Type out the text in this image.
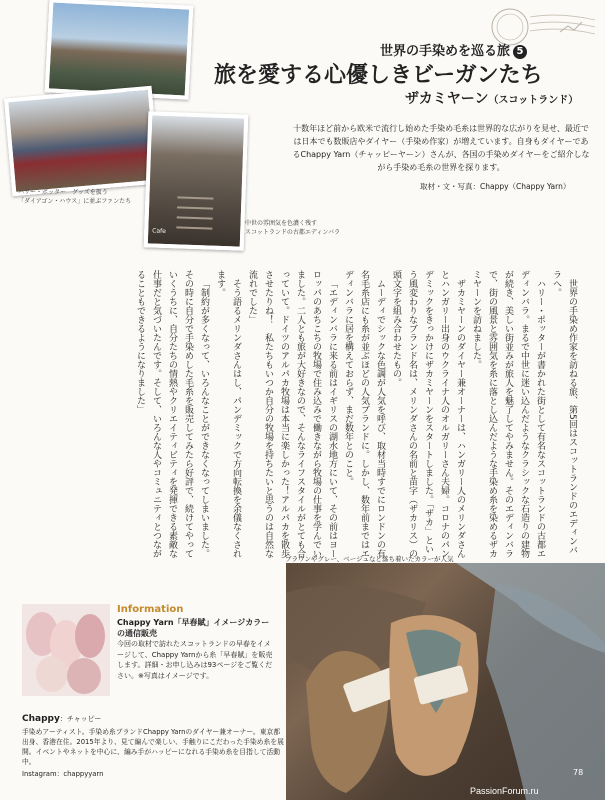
Cafe
世界の手染めを巡る旅 5
旅を愛する心優しきビーガンたち
ザカミヤーン（スコットランド）
十数年ほど前から欧米で流行し始めた手染め毛糸は世界的な広がりを見せ、最近では日本でも数販店やダイヤー（手染め作家）が増えています。自身もダイヤーであるChappy Yarn（チャッピーヤーン）さんが、各国の手染めダイヤーをご紹介しながら手染め毛糸の世界を探ります。
取材・文・写真：Chappy（Chappy Yarn）
ハリー・ポッター　グッズを扱う
「ダイアゴン・ハウス」に並ぶファンたち
中世の雰囲気を色濃く残す
スコットランドの古都エディンバラ

世界の手染め作家を訪ねる旅、第5回はスコットランドのエディンバラへ。

ハリー・ポッターが書かれた街として有名なスコットランドの古都エディンバラ。まるで中世に迷い込んだようなクラシックな石造りの建物が続き、美しい街並みが旅人を魅了してやみません。そのエディンバラで、街の風景と雰囲気を糸に落とし込んだような手染め糸を染めるザカミヤーンを訪ねました。

ザカミヤーンのダイヤー兼オーナーは、ハンガリー人のメリンダさんとハンガリー出身のウクライナ人のオルガリーさん夫婦。コロナのパンデミックをきっかけにザカミヤーンをスタートしました。「ザカ」という風変わりなブランド名は、メリンダさんの名前と苗字（ザカリス）の頭文字を組み合わせたもの。

ムーディでシックな色調が人気を呼び、取材当時すでにロンドンの有名毛糸店にも糸が並ぶほどの人気ブランドに。しかし、数年前まではエディンバラに居を構えておらず、まだ数年とのこと。

「エディンバラに来る前はイギリスの湖水地方にいて、その前はヨーロッパのあちこちの牧場で住み込みで働きながら牧場の仕事を学んでいました。二人とも旅が大好きなので、そんなライフスタイルがとても合っていて。ドイツのアルパカ牧場は本当に楽しかった！アルパカを散歩させたりね！　私たちもいつか自分の牧場を持ちたいと思うのは自然な流れでした」

そう語るメリンダさんはし、パンデミックで方向転換を余儀なくされます。

「制約が多くなって、いろんなことができなくなってしまいました。その時に自分で手染めした毛糸を販売してみたら好評で、続けてやっていくうちに、自分たちの情熱やクリエイティビティを発揮できる素敵な仕事だと気づいたんです。そして、いろんな人やコミュニティとつながることもできるようになりました」

ブラウンやグレー、ベージュなど落ち着いたカラーが人気
Information
Chappy Yarn「早春賦」イメージカラーの通信販売
今回の取材で訪れたスコットランドの早春をイメージして、Chappy Yarnから糸「早春賦」を販売します。詳細・お申し込みは93ページをご覧ください。※写真はイメージです。
Chappy：チャッピー
手染めアーティスト。手染め糸ブランドChappy Yarnのダイヤー兼オーナー。東京都出身、香港在住。2015年より、見て編んで楽しい、手触りにこだわった手染め糸を展開。イベントやネットを中心に、編み手がハッピーになれる手染め糸を目指して活動中。
Instagram：chappyyarn	78
PassionForum.ru
